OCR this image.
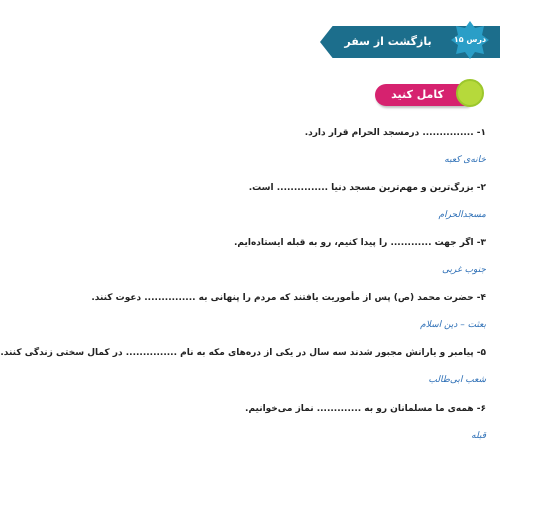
بازگشت از سفر حج
درس ۱۵
کامل کنید
۱- ............... درمسجد الحرام قرار دارد.
خانه‌ی کعبه
۲- بزرگ‌ترین و مهم‌ترین مسجد دنیا ............... است.
مسجدالحرام
۳- اگر جهت ............ را پیدا کنیم، رو به قبله ایستاده‌ایم.
جنوب غربی
۴- حضرت محمد (ص) پس از مأموریت یافتند که مردم را پنهانی به ............... دعوت کنند.
بعثت – دین اسلام
۵- پیامبر و یارانش مجبور شدند سه سال در یکی از دره‌های مکه به نام ............... در کمال سختی زندگی کنند.
شعب ابی‌طالب
۶- همه‌ی ما مسلمانان رو به ............. نماز می‌خوانیم.
قبله
